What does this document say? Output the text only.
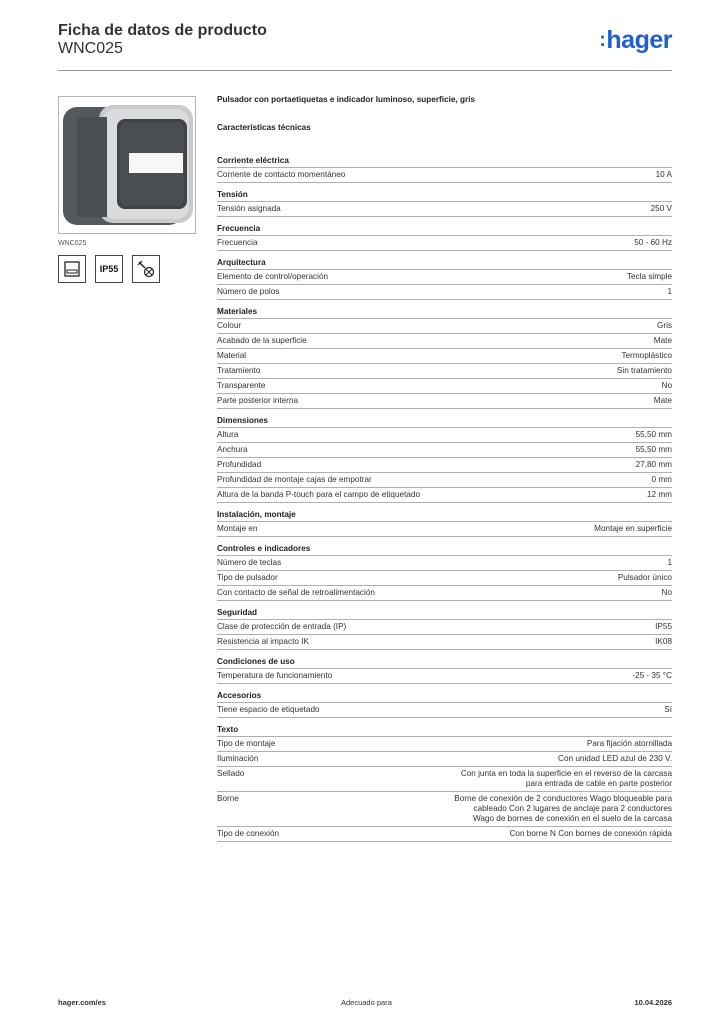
Ficha de datos de producto
WNC025	:hager
WNC025
IP55
Pulsador con portaetiquetas e indicador luminoso, superficie, gris
Características técnicas
Corriente eléctrica
Corriente de contacto momentáneo	10 A
Tensión
Tensión asignada	250 V
Frecuencia
Frecuencia	50 - 60 Hz
Arquitectura
Elemento de control/operación	Tecla simple
Número de polos	1
Materiales
Colour	Gris
Acabado de la superficie	Mate
Material	Termoplástico
Tratamiento	Sin tratamiento
Transparente	No
Parte posterior interna	Mate
Dimensiones
Altura	55,50 mm
Anchura	55,50 mm
Profundidad	27,80 mm
Profundidad de montaje cajas de empotrar	0 mm
Altura de la banda P-touch para el campo de etiquetado	12 mm
Instalación, montaje
Montaje en	Montaje en superficie
Controles e indicadores
Número de teclas	1
Tipo de pulsador	Pulsador único
Con contacto de señal de retroalimentación	No
Seguridad
Clase de protección de entrada (IP)	IP55
Resistencia al impacto IK	IK08
Condiciones de uso
Temperatura de funcionamiento	-25 - 35 °C
Accesorios
Tiene espacio de etiquetado	Sí
Texto
Tipo de montaje	Para fijación atornillada
Iluminación	Con unidad LED azul de 230 V.
Sellado	Con junta en toda la superficie en el reverso de la carcasa para entrada de cable en parte posterior
Borne	Borne de conexión de 2 conductores Wago bloqueable para cableado Con 2 lugares de anclaje para 2 conductores Wago de bornes de conexión en el suelo de la carcasa
Tipo de conexión	Con borne N Con bornes de conexión rápida
hager.com/es	Adecuado para	10.04.2026
